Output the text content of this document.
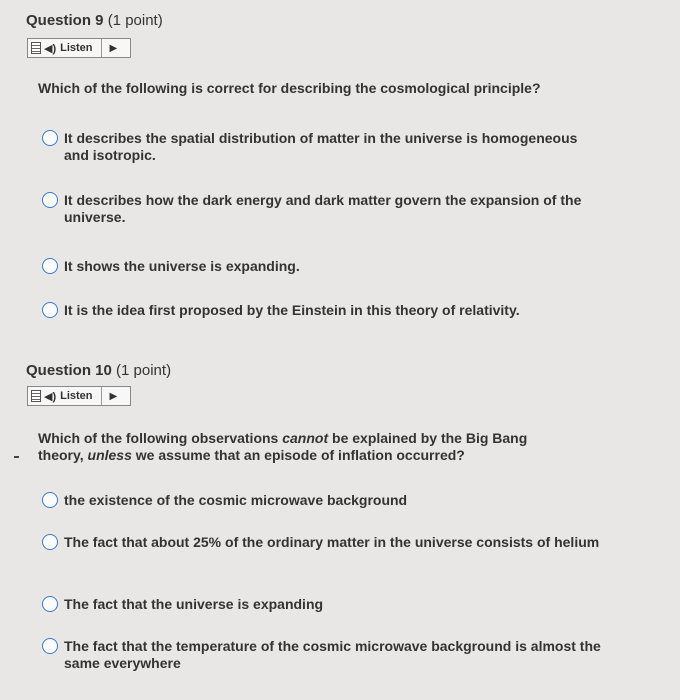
Question 9 (1 point)
◀) Listen ▶
Which of the following is correct for describing the cosmological principle?
It describes the spatial distribution of matter in the universe is homogeneous and isotropic.
It describes how the dark energy and dark matter govern the expansion of the universe.
It shows the universe is expanding.
It is the idea first proposed by the Einstein in this theory of relativity.
Question 10 (1 point)
◀) Listen ▶
Which of the following observations cannot be explained by the Big Bang theory, unless we assume that an episode of inflation occurred?
the existence of the cosmic microwave background
The fact that about 25% of the ordinary matter in the universe consists of helium
The fact that the universe is expanding
The fact that the temperature of the cosmic microwave background is almost the same everywhere
